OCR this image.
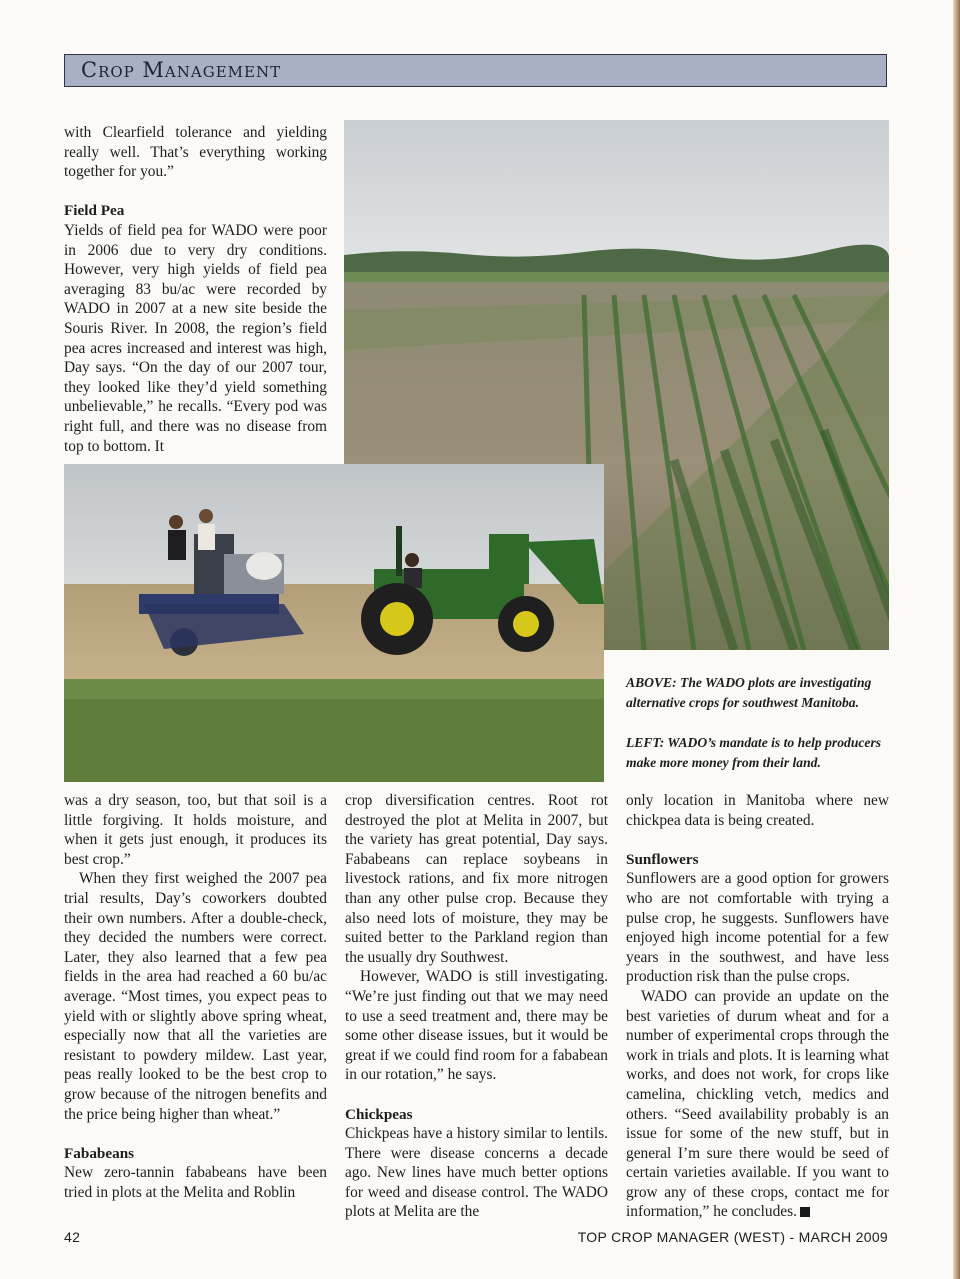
Crop Management

with Clearfield tolerance and yielding really well. That’s everything working together for you.”

Field Pea

Yields of field pea for WADO were poor in 2006 due to very dry conditions. However, very high yields of field pea averaging 83 bu/ac were recorded by WADO in 2007 at a new site beside the Souris River. In 2008, the region’s field pea acres increased and interest was high, Day says. “On the day of our 2007 tour, they looked like they’d yield something unbelievable,” he recalls. “Every pod was right full, and there was no disease from top to bottom. It

ABOVE: The WADO plots are investigating alternative crops for southwest Manitoba.

LEFT: WADO’s mandate is to help producers make more money from their land.

was a dry season, too, but that soil is a little forgiving. It holds moisture, and when it gets just enough, it produces its best crop.”

When they first weighed the 2007 pea trial results, Day’s coworkers doubted their own numbers. After a double-check, they decided the numbers were correct. Later, they also learned that a few pea fields in the area had reached a 60 bu/ac average. “Most times, you expect peas to yield with or slightly above spring wheat, especially now that all the varieties are resistant to powdery mildew. Last year, peas really looked to be the best crop to grow because of the nitrogen benefits and the price being higher than wheat.”

Fababeans

New zero-tannin fababeans have been tried in plots at the Melita and Roblin

crop diversification centres. Root rot destroyed the plot at Melita in 2007, but the variety has great potential, Day says. Fababeans can replace soybeans in livestock rations, and fix more nitrogen than any other pulse crop. Because they also need lots of moisture, they may be suited better to the Parkland region than the usually dry Southwest.

However, WADO is still investigating. “We’re just finding out that we may need to use a seed treatment and, there may be some other disease issues, but it would be great if we could find room for a fababean in our rotation,” he says.

Chickpeas

Chickpeas have a history similar to lentils. There were disease concerns a decade ago. New lines have much better options for weed and disease control. The WADO plots at Melita are the

only location in Manitoba where new chickpea data is being created.

Sunflowers

Sunflowers are a good option for growers who are not comfortable with trying a pulse crop, he suggests. Sunflowers have enjoyed high income potential for a few years in the southwest, and have less production risk than the pulse crops.

WADO can provide an update on the best varieties of durum wheat and for a number of experimental crops through the work in trials and plots. It is learning what works, and does not work, for crops like camelina, chickling vetch, medics and others. “Seed availability probably is an issue for some of the new stuff, but in general I’m sure there would be seed of certain varieties available. If you want to grow any of these crops, contact me for information,” he concludes.

42	TOP CROP MANAGER (WEST) - MARCH 2009
